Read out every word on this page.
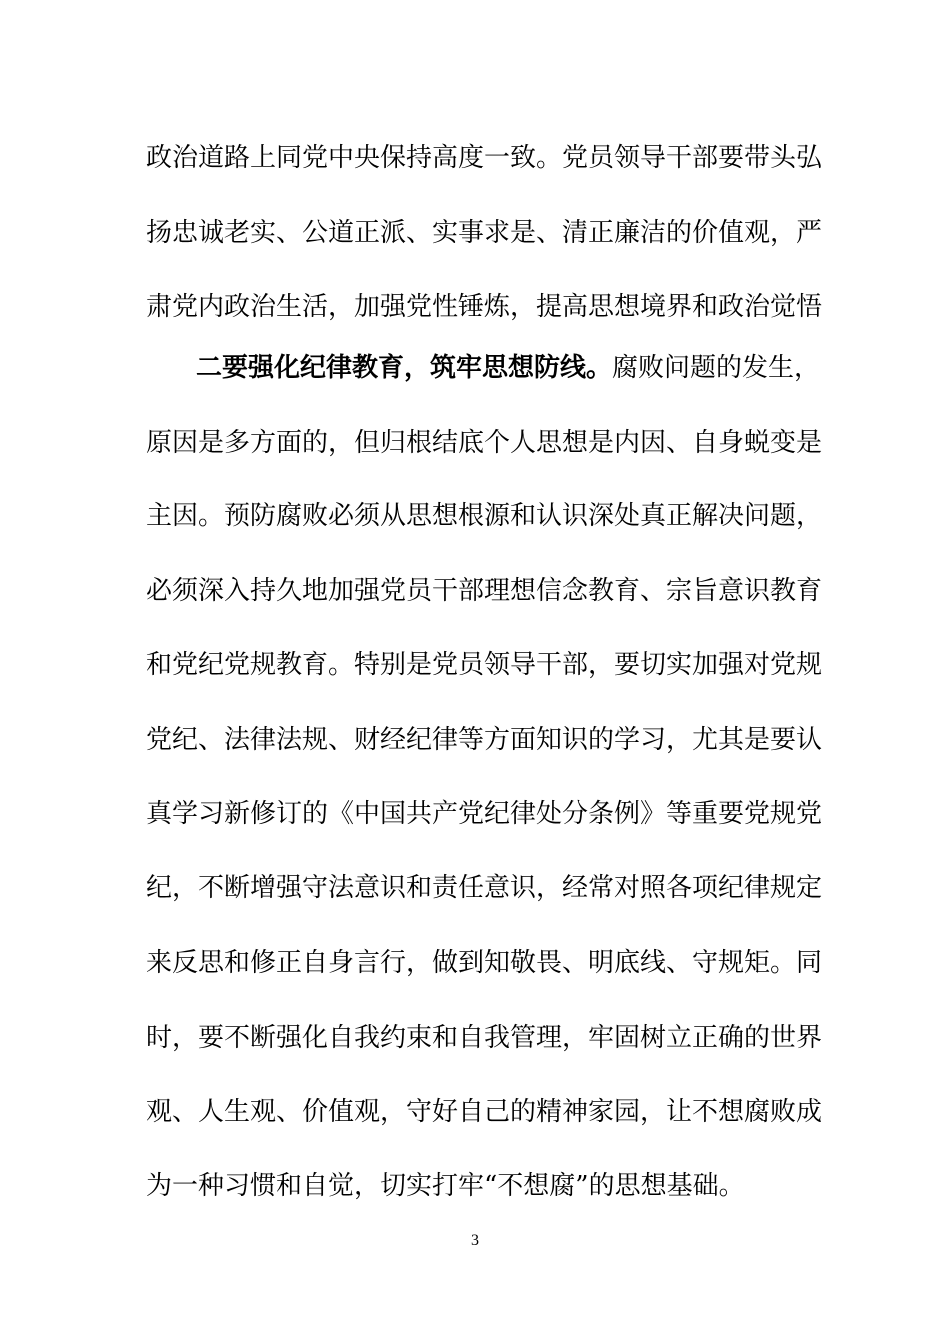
政治道路上同党中央保持高度一致。党员领导干部要带头弘
扬忠诚老实、公道正派、实事求是、清正廉洁的价值观，严
肃党内政治生活，加强党性锤炼，提高思想境界和政治觉悟
二要强化纪律教育，筑牢思想防线。腐败问题的发生，
原因是多方面的，但归根结底个人思想是内因、自身蜕变是
主因。预防腐败必须从思想根源和认识深处真正解决问题，
必须深入持久地加强党员干部理想信念教育、宗旨意识教育
和党纪党规教育。特别是党员领导干部，要切实加强对党规
党纪、法律法规、财经纪律等方面知识的学习，尤其是要认
真学习新修订的《中国共产党纪律处分条例》等重要党规党
纪，不断增强守法意识和责任意识，经常对照各项纪律规定
来反思和修正自身言行，做到知敬畏、明底线、守规矩。同
时，要不断强化自我约束和自我管理，牢固树立正确的世界
观、人生观、价值观，守好自己的精神家园，让不想腐败成
为一种习惯和自觉，切实打牢“不想腐”的思想基础。
3
